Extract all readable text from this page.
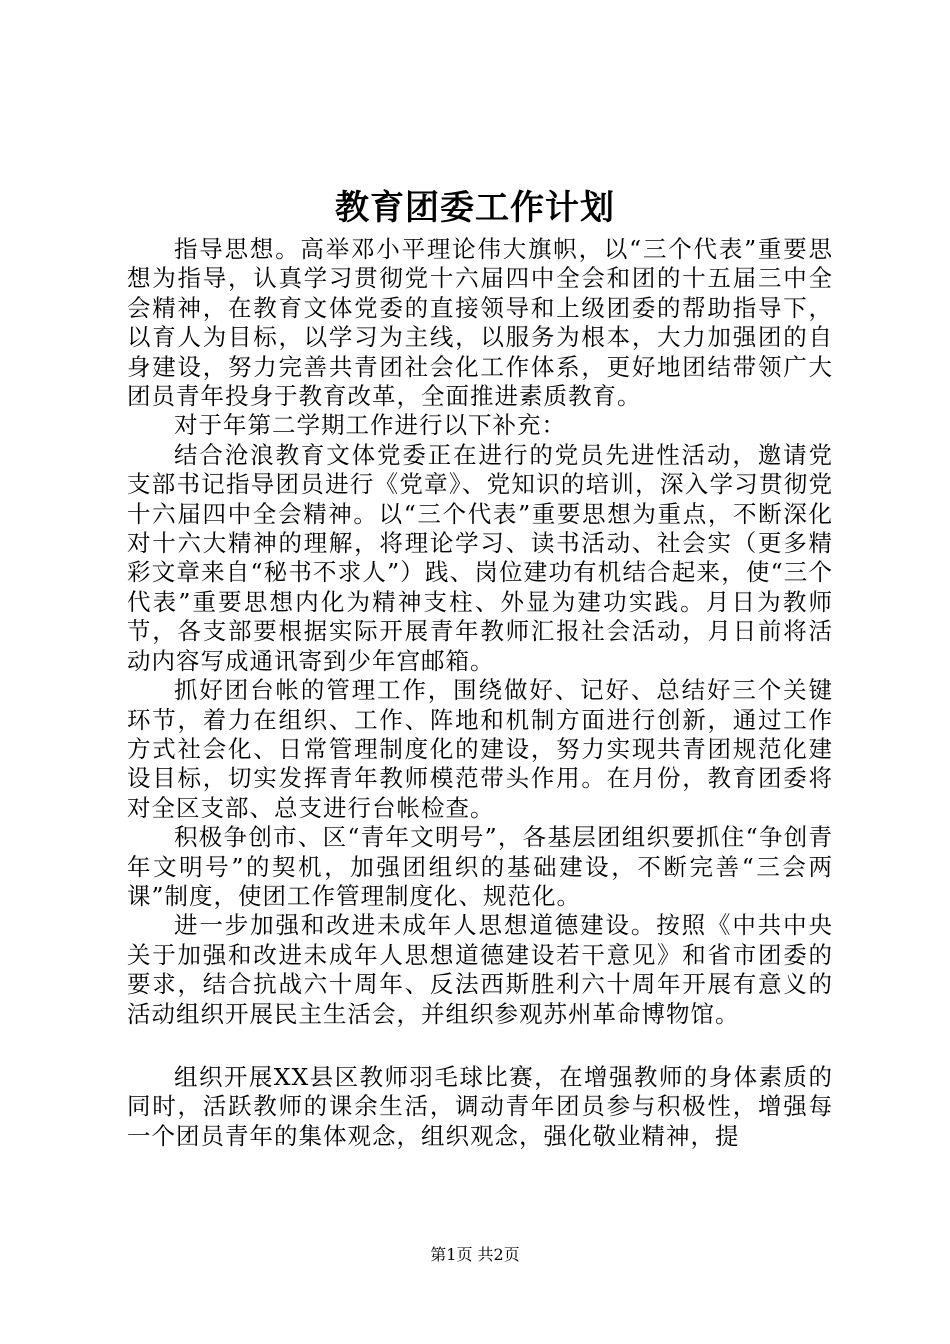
教育团委工作计划

指导思想。高举邓小平理论伟大旗帜，以“三个代表”重要思想为指导，认真学习贯彻党十六届四中全会和团的十五届三中全会精神，在教育文体党委的直接领导和上级团委的帮助指导下，以育人为目标，以学习为主线，以服务为根本，大力加强团的自身建设，努力完善共青团社会化工作体系，更好地团结带领广大团员青年投身于教育改革，全面推进素质教育。

对于年第二学期工作进行以下补充：

结合沧浪教育文体党委正在进行的党员先进性活动，邀请党支部书记指导团员进行《党章》、党知识的培训，深入学习贯彻党十六届四中全会精神。以“三个代表”重要思想为重点，不断深化对十六大精神的理解，将理论学习、读书活动、社会实（更多精彩文章来自“秘书不求人”）践、岗位建功有机结合起来，使“三个代表”重要思想内化为精神支柱、外显为建功实践。月日为教师节，各支部要根据实际开展青年教师汇报社会活动，月日前将活动内容写成通讯寄到少年宫邮箱。

抓好团台帐的管理工作，围绕做好、记好、总结好三个关键环节，着力在组织、工作、阵地和机制方面进行创新，通过工作方式社会化、日常管理制度化的建设，努力实现共青团规范化建设目标，切实发挥青年教师模范带头作用。在月份，教育团委将对全区支部、总支进行台帐检查。

积极争创市、区“青年文明号”，各基层团组织要抓住“争创青年文明号”的契机，加强团组织的基础建设，不断完善“三会两课”制度，使团工作管理制度化、规范化。

进一步加强和改进未成年人思想道德建设。按照《中共中央关于加强和改进未成年人思想道德建设若干意见》和省市团委的要求，结合抗战六十周年、反法西斯胜利六十周年开展有意义的活动组织开展民主生活会，并组织参观苏州革命博物馆。

组织开展XX县区教师羽毛球比赛，在增强教师的身体素质的同时，活跃教师的课余生活，调动青年团员参与积极性，增强每一个团员青年的集体观念，组织观念，强化敬业精神，提

第1页 共2页
